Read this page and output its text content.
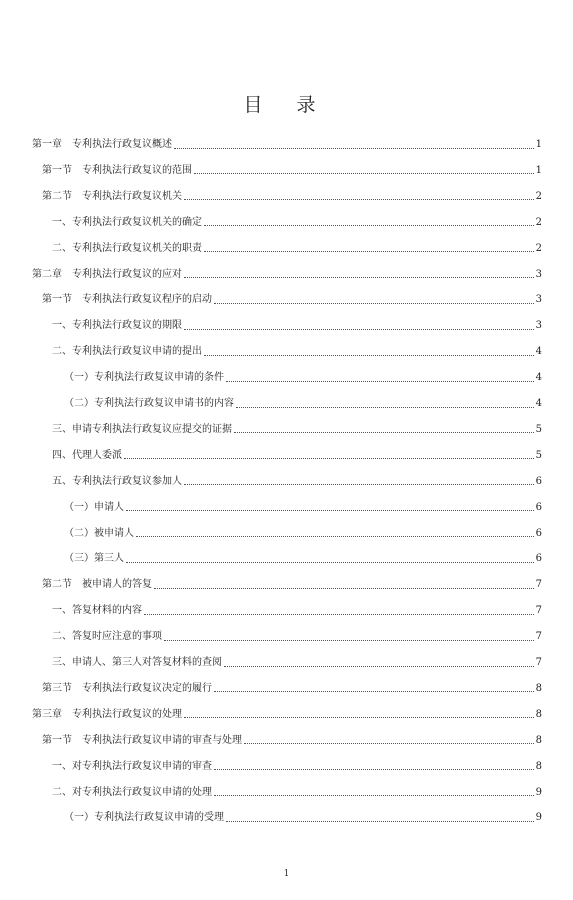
目 录
第一章　专利执法行政复议概述	1
第一节　专利执法行政复议的范围	1
第二节　专利执法行政复议机关	2
一、专利执法行政复议机关的确定	2
二、专利执法行政复议机关的职责	2
第二章　专利执法行政复议的应对	3
第一节　专利执法行政复议程序的启动	3
一、专利执法行政复议的期限	3
二、专利执法行政复议申请的提出	4
（一）专利执法行政复议申请的条件	4
（二）专利执法行政复议申请书的内容	4
三、申请专利执法行政复议应提交的证据	5
四、代理人委派	5
五、专利执法行政复议参加人	6
（一）申请人	6
（二）被申请人	6
（三）第三人	6
第二节　被申请人的答复	7
一、答复材料的内容	7
二、答复时应注意的事项	7
三、申请人、第三人对答复材料的查阅	7
第三节　专利执法行政复议决定的履行	8
第三章　专利执法行政复议的处理	8
第一节　专利执法行政复议申请的审查与处理	8
一、对专利执法行政复议申请的审查	8
二、对专利执法行政复议申请的处理	9
（一）专利执法行政复议申请的受理	9
1
